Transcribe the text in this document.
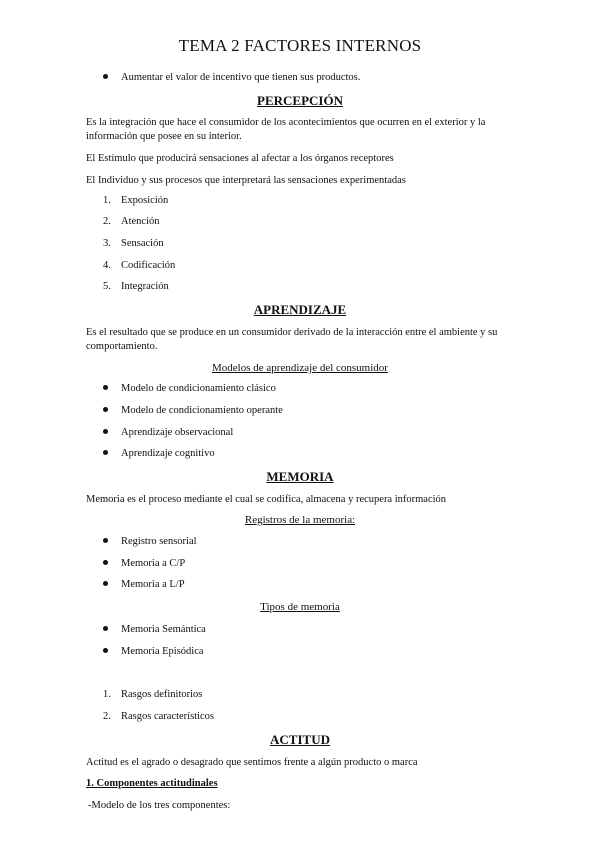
TEMA 2 FACTORES INTERNOS
Aumentar el valor de incentivo que tienen sus productos.
PERCEPCIÓN
Es la integración que hace el consumidor de los acontecimientos que ocurren en el exterior y la información que posee en su interior.
El Estímulo que producirá sensaciones al afectar a los órganos receptores
El Individuo y sus procesos que interpretará las sensaciones experimentadas
1. Exposición
2. Atención
3. Sensación
4. Codificación
5. Integración
APRENDIZAJE
Es el resultado que se produce en un consumidor derivado de la interacción entre el ambiente y su comportamiento.
Modelos de aprendizaje del consumidor
Modelo de condicionamiento clásico
Modelo de condicionamiento operante
Aprendizaje observacional
Aprendizaje cognitivo
MEMORIA
Memoria es el proceso mediante el cual se codifica, almacena y recupera información
Registros de la memoria:
Registro sensorial
Memoria a C/P
Memoria a L/P
Tipos de memoria
Memoria Semántica
Memoria Episódica
1. Rasgos definitorios
2. Rasgos característicos
ACTITUD
Actitud es el agrado o desagrado que sentimos frente a algún producto o marca
1. Componentes actitudinales
-Modelo de los tres componentes:
